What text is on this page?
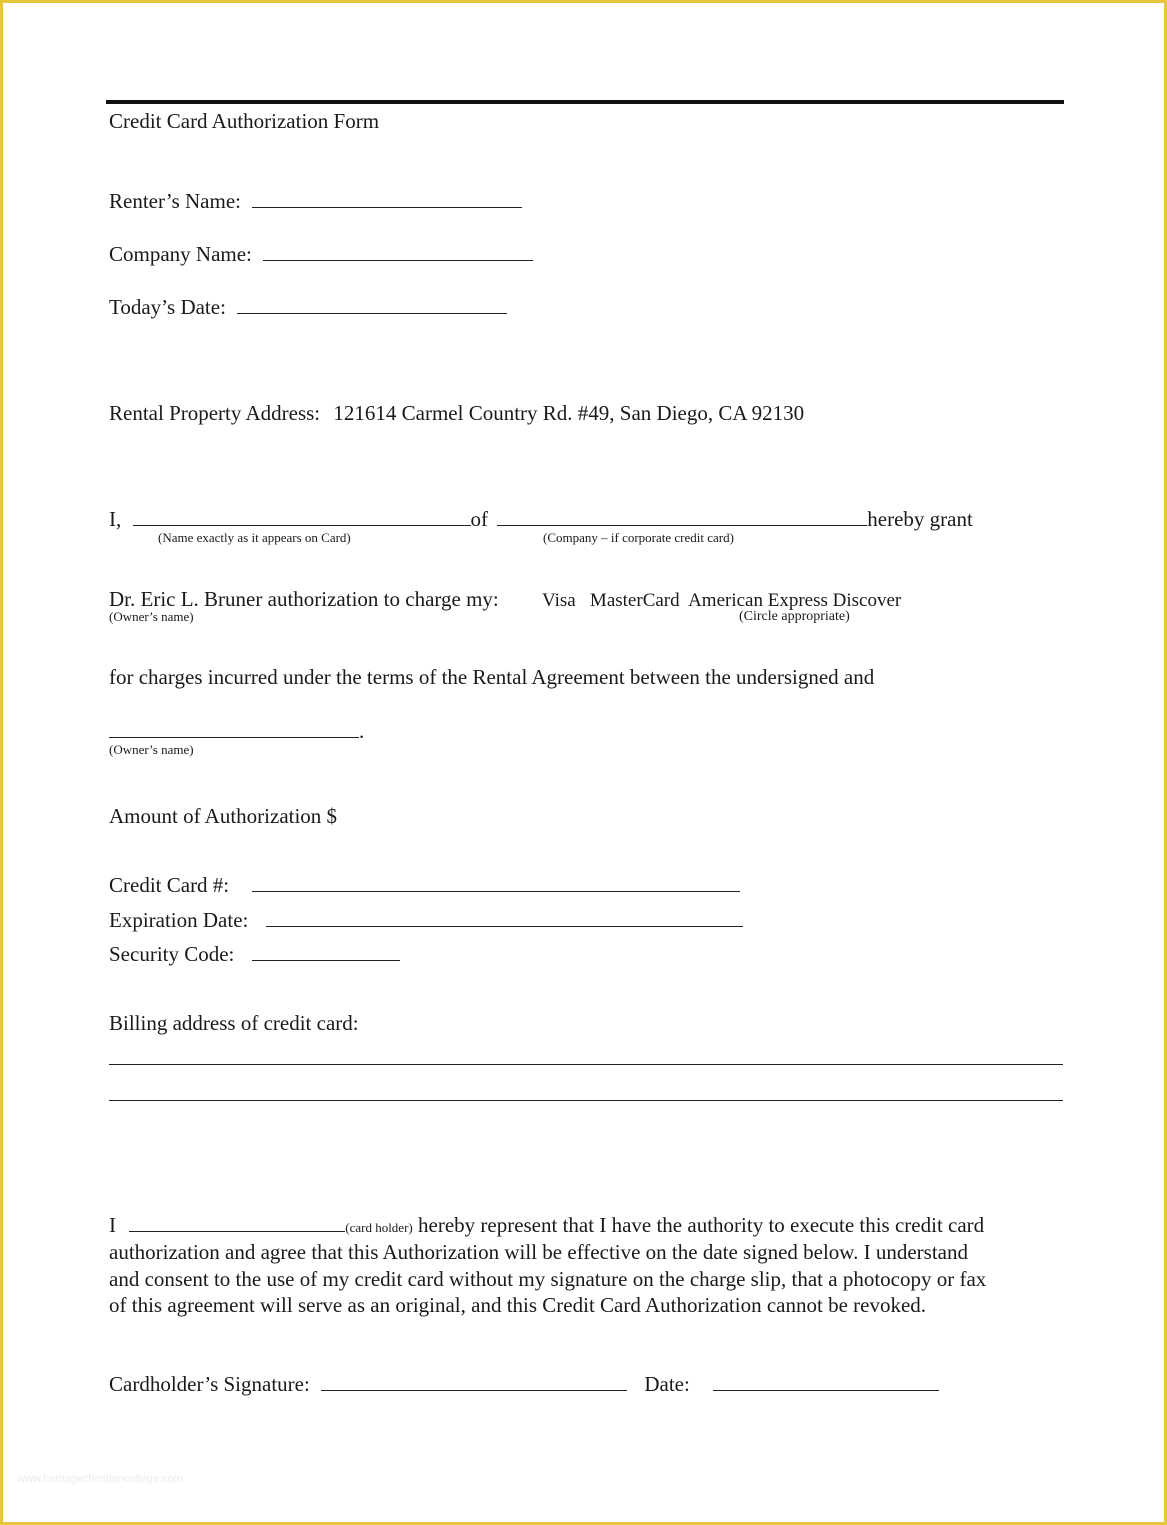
Credit Card Authorization Form
Renter’s Name:
Company Name:
Today’s Date:
Rental Property Address: 121614 Carmel Country Rd. #49, San Diego, CA 92130
I,	of	hereby grant
(Name exactly as it appears on Card)	(Company – if corporate credit card)
Dr. Eric L. Bruner authorization to charge my: Visa   MasterCard  American Express Discover
(Owner’s name)	(Circle appropriate)
for charges incurred under the terms of the Rental Agreement between the undersigned and
.
(Owner’s name)
Amount of Authorization $
Credit Card #:
Expiration Date:
Security Code:
Billing address of credit card:
I	(card holder) hereby represent that I have the authority to execute this credit card
authorization and agree that this Authorization will be effective on the date signed below. I understand
and consent to the use of my credit card without my signature on the charge slip, that a photocopy or fax
of this agreement will serve as an original, and this Credit Card Authorization cannot be revoked.
Cardholder’s Signature:	Date:
www.heritagechristiancollege.com
